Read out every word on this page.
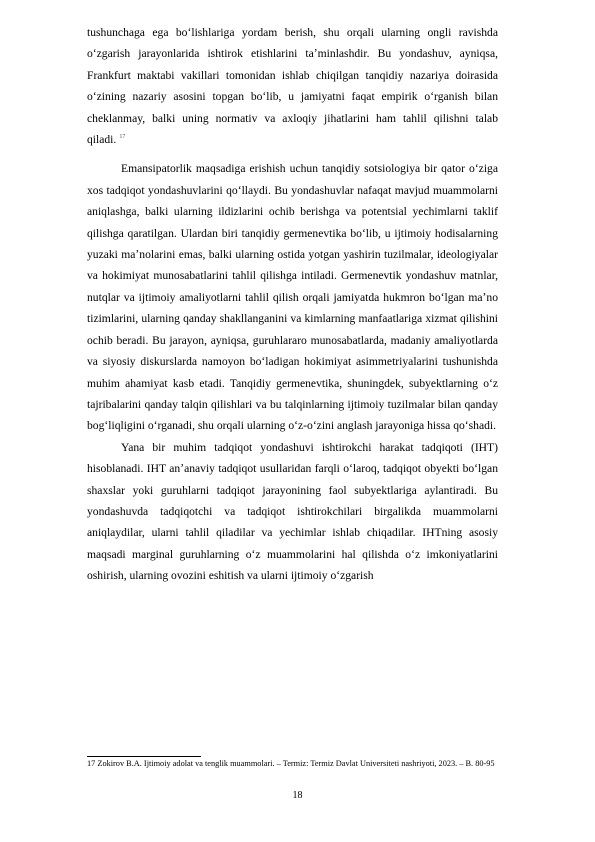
tushunchaga ega bo‘lishlariga yordam berish, shu orqali ularning ongli ravishda o‘zgarish jarayonlarida ishtirok etishlarini taʼminlashdir. Bu yondashuv, ayniqsa, Frankfurt maktabi vakillari tomonidan ishlab chiqilgan tanqidiy nazariya doirasida o‘zining nazariy asosini topgan bo‘lib, u jamiyatni faqat empirik o‘rganish bilan cheklanmay, balki uning normativ va axloqiy jihatlarini ham tahlil qilishni talab qiladi. $^{17}$

Emansipatorlik maqsadiga erishish uchun tanqidiy sotsiologiya bir qator o‘ziga xos tadqiqot yondashuvlarini qo‘llaydi. Bu yondashuvlar nafaqat mavjud muammolarni aniqlashga, balki ularning ildizlarini ochib berishga va potentsial yechimlarni taklif qilishga qaratilgan. Ulardan biri tanqidiy germenevtika bo‘lib, u ijtimoiy hodisalarning yuzaki maʼnolarini emas, balki ularning ostida yotgan yashirin tuzilmalar, ideologiyalar va hokimiyat munosabatlarini tahlil qilishga intiladi. Germenevtik yondashuv matnlar, nutqlar va ijtimoiy amaliyotlarni tahlil qilish orqali jamiyatda hukmron bo‘lgan maʼno tizimlarini, ularning qanday shakllanganini va kimlarning manfaatlariga xizmat qilishini ochib beradi. Bu jarayon, ayniqsa, guruhlararo munosabatlarda, madaniy amaliyotlarda va siyosiy diskurslarda namoyon bo‘ladigan hokimiyat asimmetriyalarini tushunishda muhim ahamiyat kasb etadi. Tanqidiy germenevtika, shuningdek, subyektlarning o‘z tajribalarini qanday talqin qilishlari va bu talqinlarning ijtimoiy tuzilmalar bilan qanday bog‘liqligini o‘rganadi, shu orqali ularning o‘z-o‘zini anglash jarayoniga hissa qo‘shadi.

Yana bir muhim tadqiqot yondashuvi ishtirokchi harakat tadqiqoti (IHT) hisoblanadi. IHT anʼanaviy tadqiqot usullaridan farqli o‘laroq, tadqiqot obyekti bo‘lgan shaxslar yoki guruhlarni tadqiqot jarayonining faol subyektlariga aylantiradi. Bu yondashuvda tadqiqotchi va tadqiqot ishtirokchilari birgalikda muammolarni aniqlaydilar, ularni tahlil qiladilar va yechimlar ishlab chiqadilar. IHTning asosiy maqsadi marginal guruhlarning o‘z muammolarini hal qilishda o‘z imkoniyatlarini oshirish, ularning ovozini eshitish va ularni ijtimoiy o‘zgarish

17 Zokirov B.A. Ijtimoiy adolat va tenglik muammolari. – Termiz: Termiz Davlat Universiteti nashriyoti, 2023. – B. 80-95

18
